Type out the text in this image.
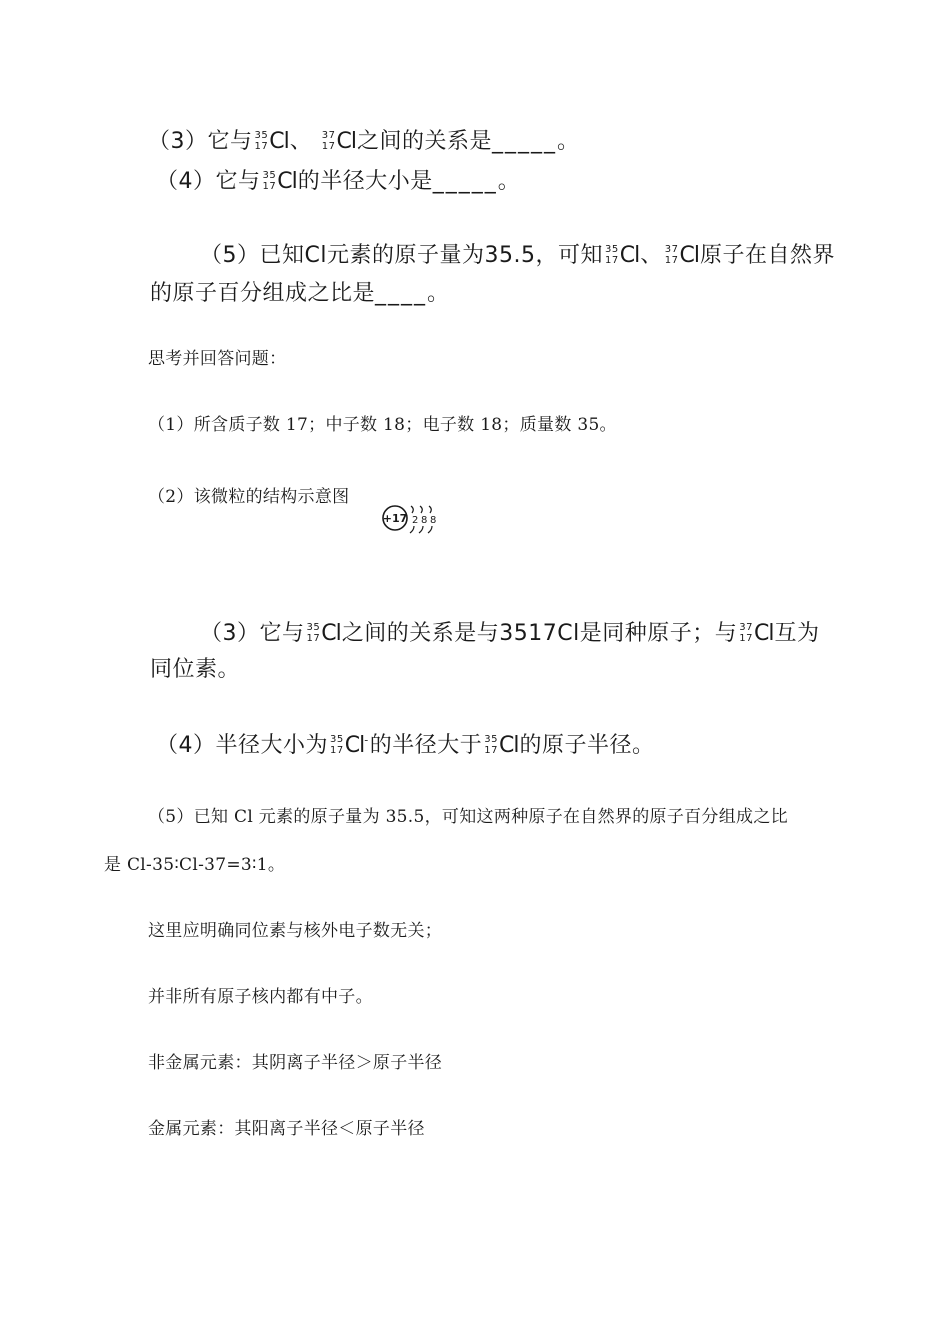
（3）它与 35
17 Cl、 37
17 Cl之间的关系是_____。
（4）它与 35
17 Cl的半径大小是_____。
（5）已知Cl元素的原子量为35.5，可知 35
17 Cl、 37
17 Cl原子在自然界
的原子百分组成之比是____。
思考并回答问题：
（1）所含质子数 17；中子数 18；电子数 18；质量数 35。
（2）该微粒的结构示意图
+17 2 8 8
（3）它与 35
17 Cl之间的关系是与3517Cl是同种原子；与 37
17 Cl互为
同位素。
（4）半径大小为 35
17 Cl-的半径大于 35
17 Cl的原子半径。
（5）已知 Cl 元素的原子量为 35.5，可知这两种原子在自然界的原子百分组成之比
是 Cl-35∶Cl-37=3∶1。
这里应明确同位素与核外电子数无关；
并非所有原子核内都有中子。
非金属元素：其阴离子半径＞原子半径
金属元素：其阳离子半径＜原子半径
